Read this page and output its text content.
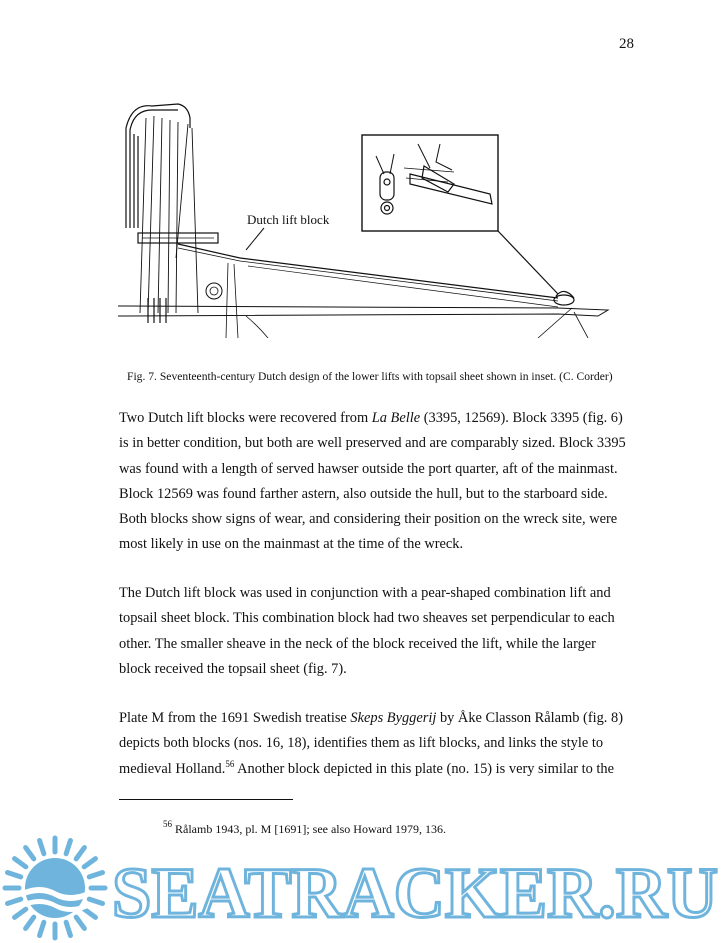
28
Dutch lift block
Fig. 7. Seventeenth-century Dutch design of the lower lifts with topsail sheet shown in inset. (C. Corder)
Two Dutch lift blocks were recovered from La Belle (3395, 12569). Block 3395 (fig. 6)
is in better condition, but both are well preserved and are comparably sized. Block 3395
was found with a length of served hawser outside the port quarter, aft of the mainmast.
Block 12569 was found farther astern, also outside the hull, but to the starboard side.
Both blocks show signs of wear, and considering their position on the wreck site, were
most likely in use on the mainmast at the time of the wreck.
The Dutch lift block was used in conjunction with a pear-shaped combination lift and
topsail sheet block. This combination block had two sheaves set perpendicular to each
other. The smaller sheave in the neck of the block received the lift, while the larger
block received the topsail sheet (fig. 7).
Plate M from the 1691 Swedish treatise Skeps Byggerij by Åke Classon Rålamb (fig. 8)
depicts both blocks (nos. 16, 18), identifies them as lift blocks, and links the style to
medieval Holland.$^{56}$ Another block depicted in this plate (no. 15) is very similar to the
$^{56}$ Rålamb 1943, pl. M [1691]; see also Howard 1979, 136.
SEATRACKER.RU
